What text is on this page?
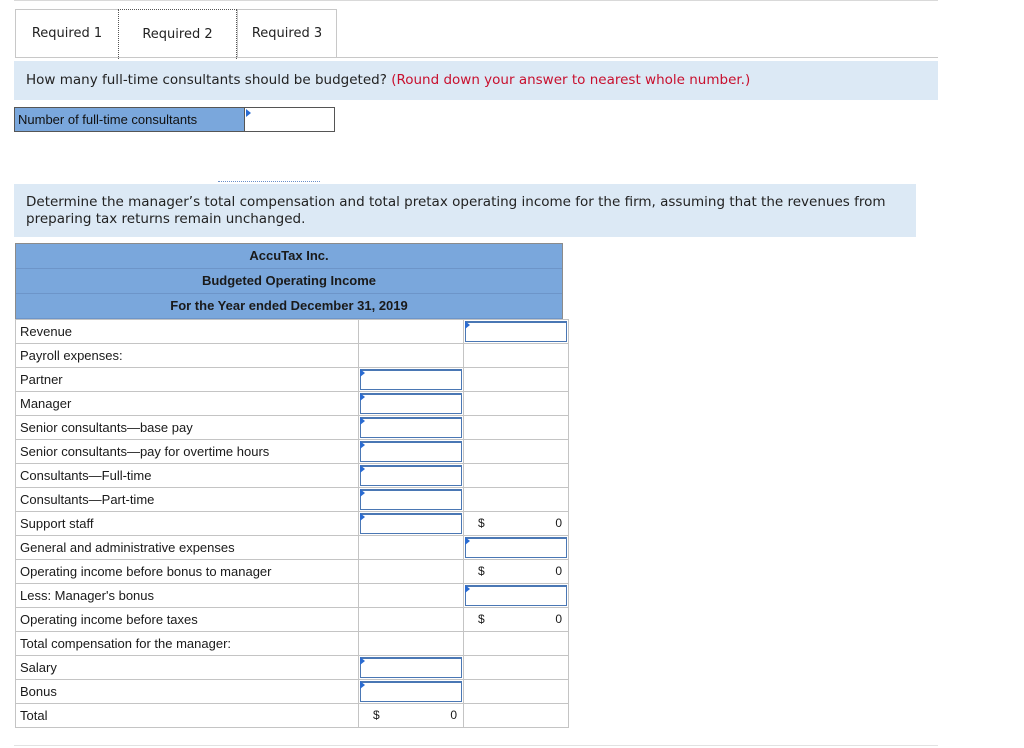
Required 1	Required 2	Required 3
How many full-time consultants should be budgeted? (Round down your answer to nearest whole number.)
Number of full-time consultants
Determine the manager’s total compensation and total pretax operating income for the firm, assuming that the revenues from preparing tax returns remain unchanged.
AccuTax Inc.
Budgeted Operating Income
For the Year ended December 31, 2019
Revenue		

Payroll expenses:		
Partner	

Manager	

Senior consultants—base pay	

Senior consultants—pay for overtime hours	

Consultants—Full-time	

Consultants—Part-time	

Support staff		$ 0

General and administrative expenses		

Operating income before bonus to manager		$ 0

Less: Manager's bonus		

Operating income before taxes		$ 0

Total compensation for the manager:		
Salary	

Bonus	

Total	$ 0	
